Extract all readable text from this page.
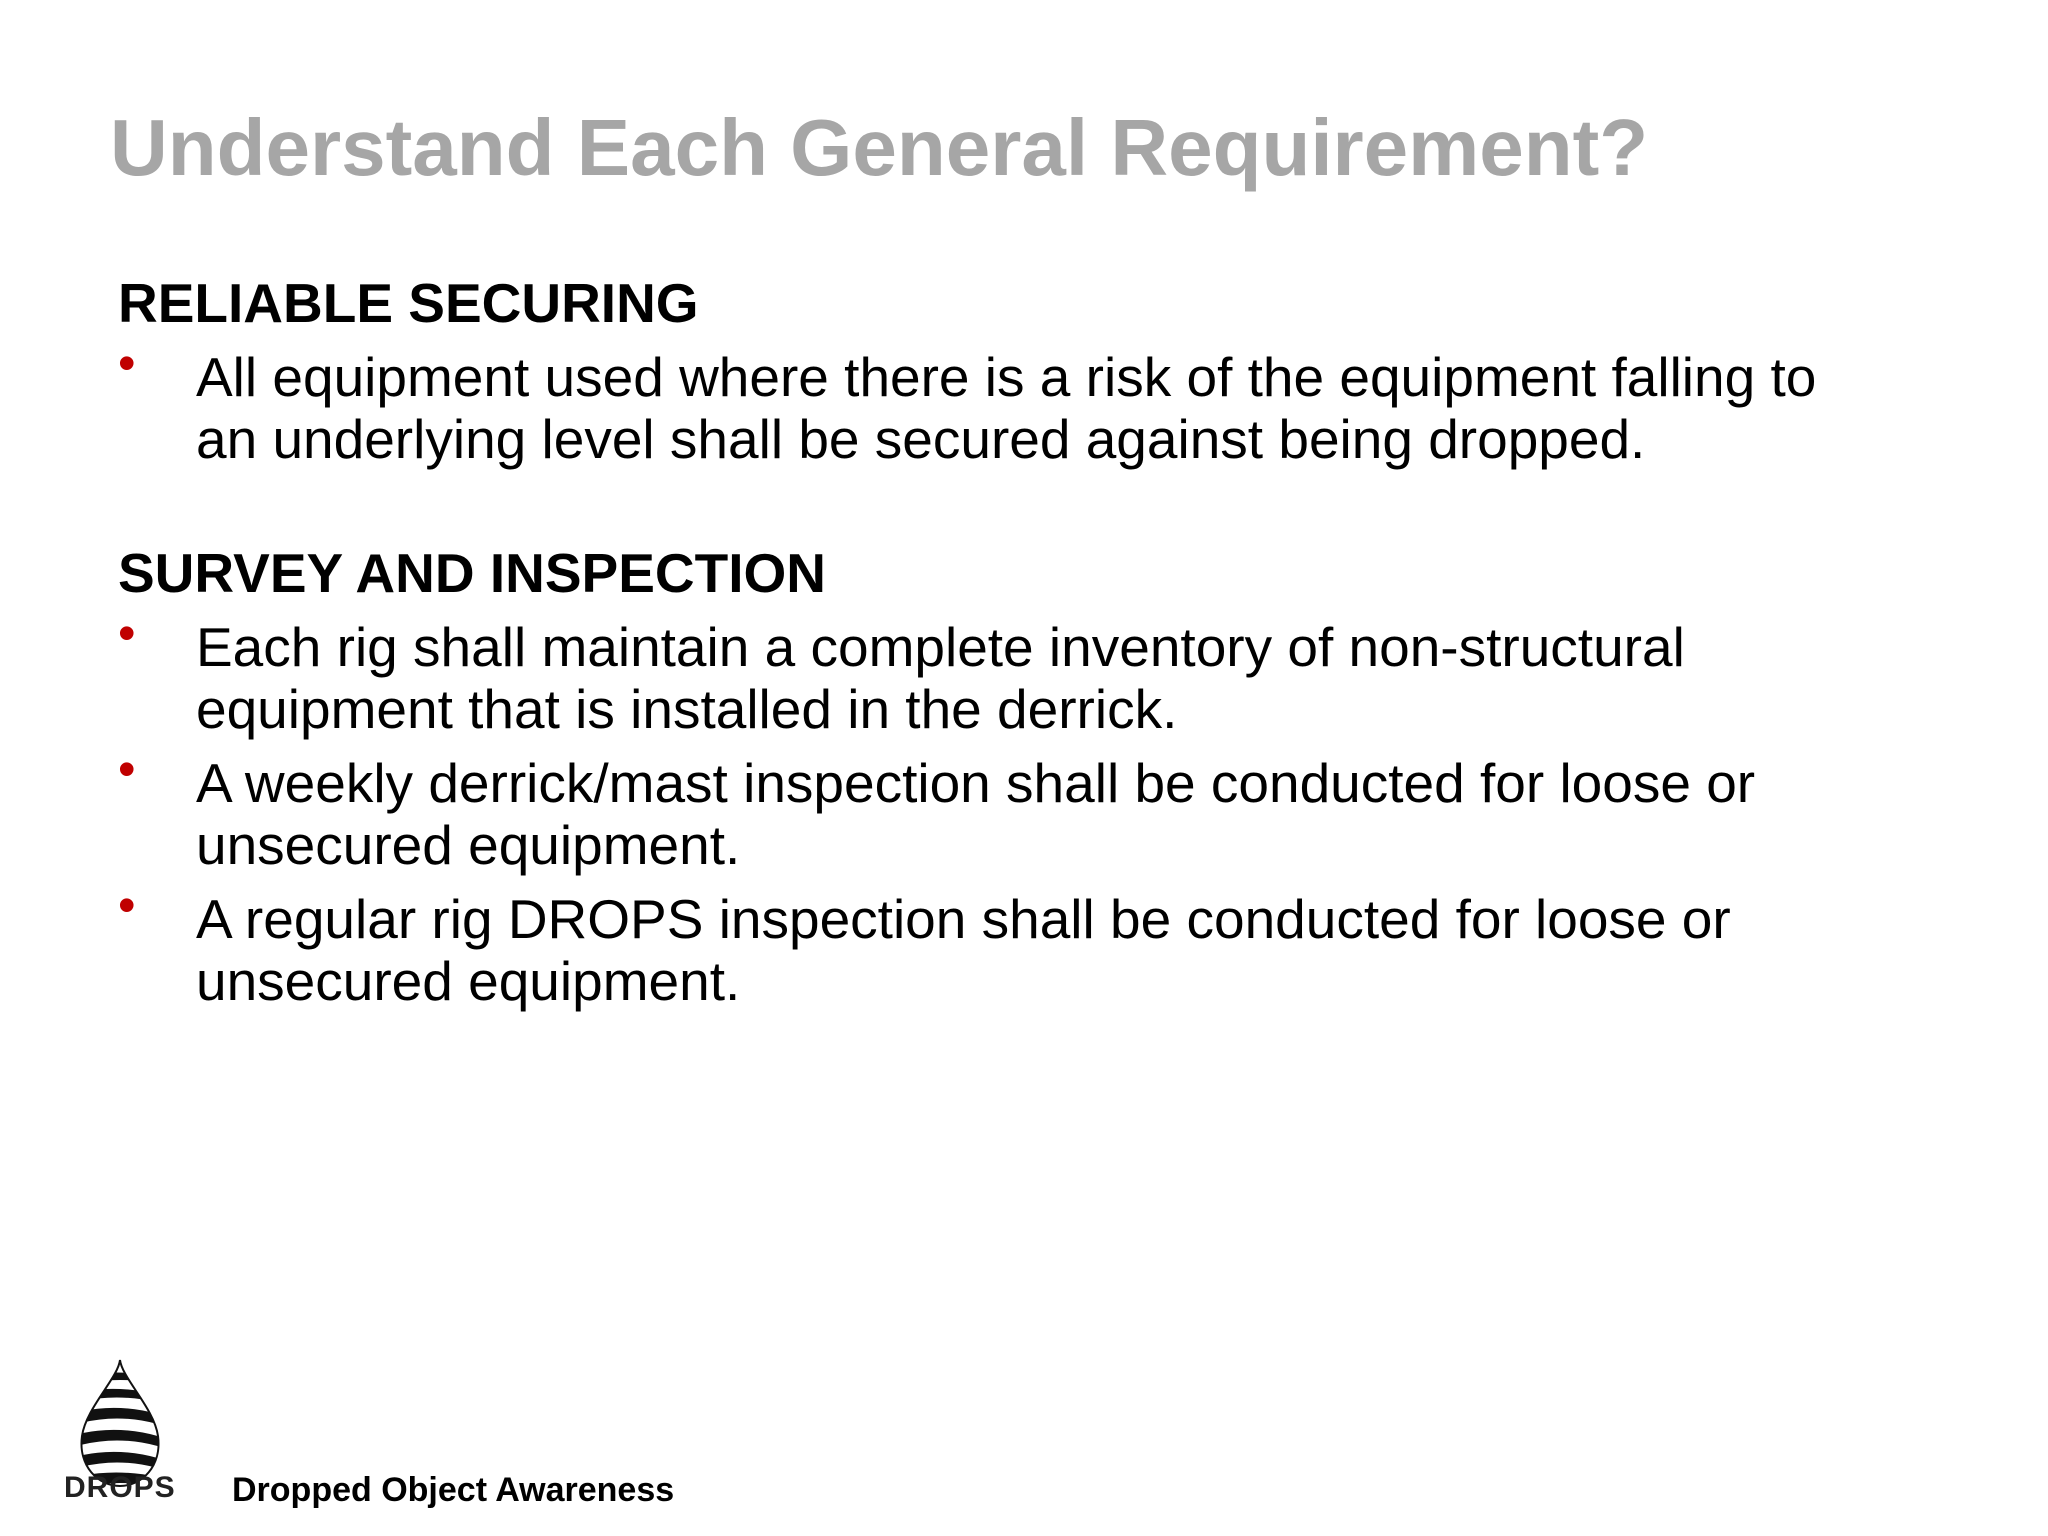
Understand Each General Requirement?
RELIABLE SECURING
• All equipment used where there is a risk of the equipment falling to an underlying level shall be secured against being dropped.
SURVEY AND INSPECTION
• Each rig shall maintain a complete inventory of non-structural equipment that is installed in the derrick.
• A weekly derrick/mast inspection shall be conducted for loose or unsecured equipment.
• A regular rig DROPS inspection shall be conducted for loose or unsecured equipment.
DROPS Dropped Object Awareness
